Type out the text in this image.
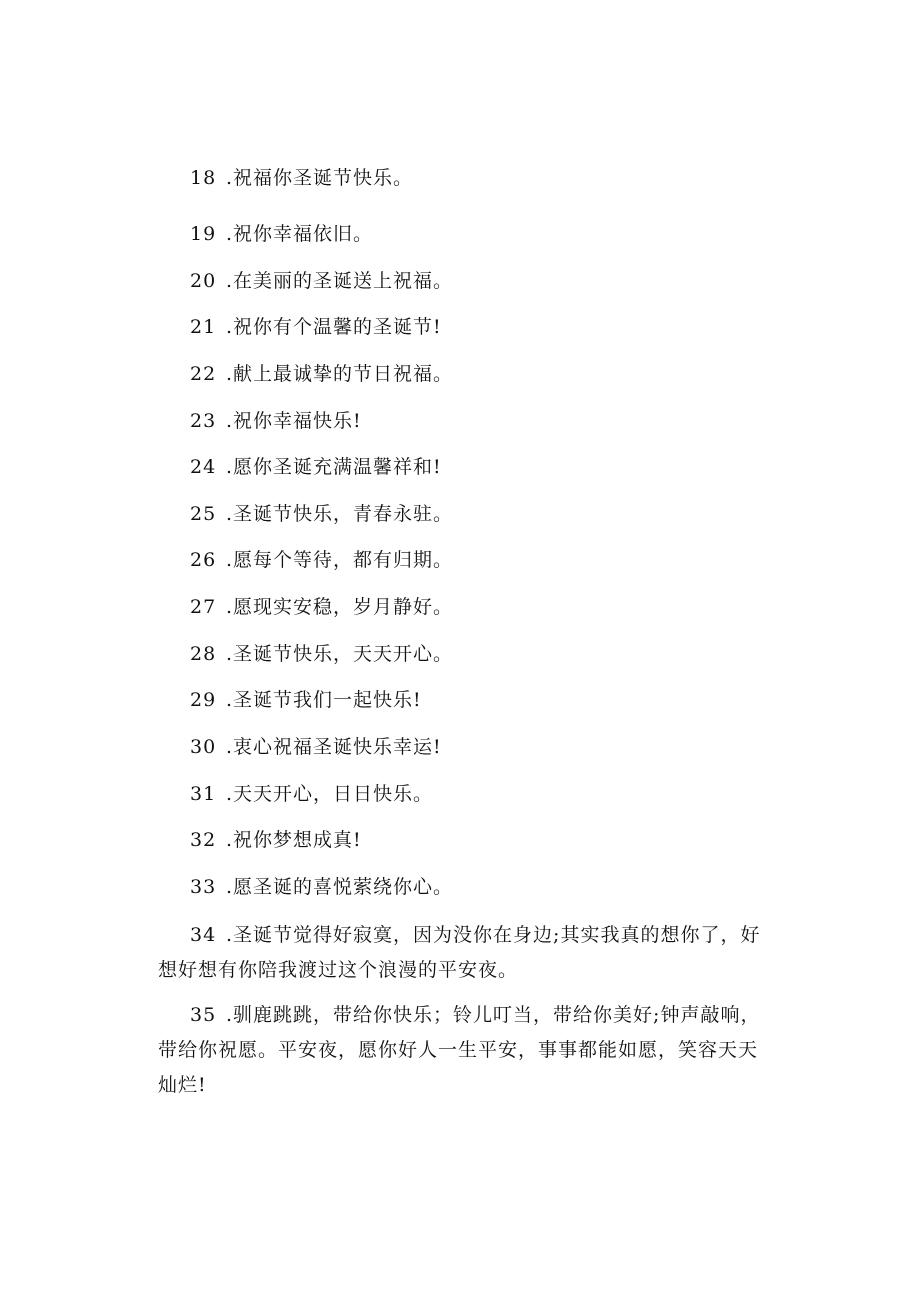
18 .祝福你圣诞节快乐。
19 .祝你幸福依旧。
20 .在美丽的圣诞送上祝福。
21 .祝你有个温馨的圣诞节!
22 .献上最诚挚的节日祝福。
23 .祝你幸福快乐!
24 .愿你圣诞充满温馨祥和!
25 .圣诞节快乐，青春永驻。
26 .愿每个等待，都有归期。
27 .愿现实安稳，岁月静好。
28 .圣诞节快乐，天天开心。
29 .圣诞节我们一起快乐!
30 .衷心祝福圣诞快乐幸运!
31 .天天开心，日日快乐。
32 .祝你梦想成真!
33 .愿圣诞的喜悦萦绕你心。
34 .圣诞节觉得好寂寞，因为没你在身边;其实我真的想你了，好想好想有你陪我渡过这个浪漫的平安夜。
35 .驯鹿跳跳，带给你快乐；铃儿叮当，带给你美好;钟声敲响，带给你祝愿。平安夜，愿你好人一生平安，事事都能如愿，笑容天天灿烂!
